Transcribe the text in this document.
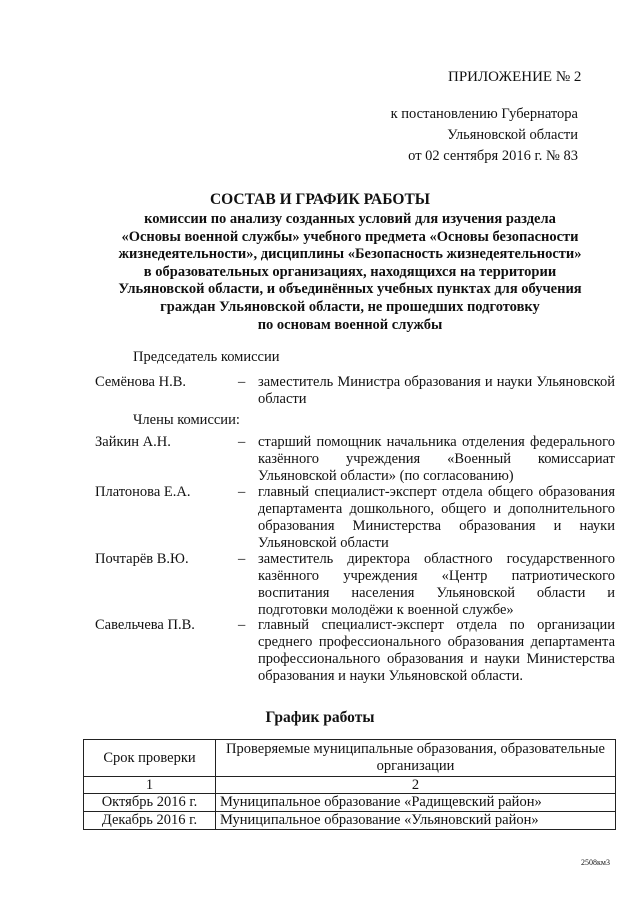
ПРИЛОЖЕНИЕ № 2
к постановлению Губернатора
Ульяновской области
от 02 сентября 2016 г. № 83
СОСТАВ И ГРАФИК РАБОТЫ
комиссии по анализу созданных условий для изучения раздела
«Основы военной службы» учебного предмета «Основы безопасности
жизнедеятельности», дисциплины «Безопасность жизнедеятельности»
в образовательных организациях, находящихся на территории
Ульяновской области, и объединённых учебных пунктах для обучения
граждан Ульяновской области, не прошедших подготовку
по основам военной службы
Председатель комиссии
Семёнова Н.В.	– заместитель Министра образования и науки Ульяновской области
Члены комиссии:
Зайкин А.Н.	– старший помощник начальника отделения федерального казённого учреждения «Военный комиссариат Ульяновской области» (по согласованию)
Платонова Е.А.	– главный специалист-эксперт отдела общего образования департамента дошкольного, общего и дополнительного образования Министерства образования и науки Ульяновской области
Почтарёв В.Ю.	– заместитель директора областного государственного казённого учреждения «Центр патриотического воспитания населения Ульяновской области и подготовки молодёжи к военной службе»
Савельчева П.В.	– главный специалист-эксперт отдела по организации среднего профессионального образования департамента профессионального образования и науки Министерства образования и науки Ульяновской области.
График работы
Срок проверки	Проверяемые муниципальные образования, образовательные организации
1	2
Октябрь 2016 г.	Муниципальное образование «Радищевский район»
Декабрь 2016 г.	Муниципальное образование «Ульяновский район»
2508км3
